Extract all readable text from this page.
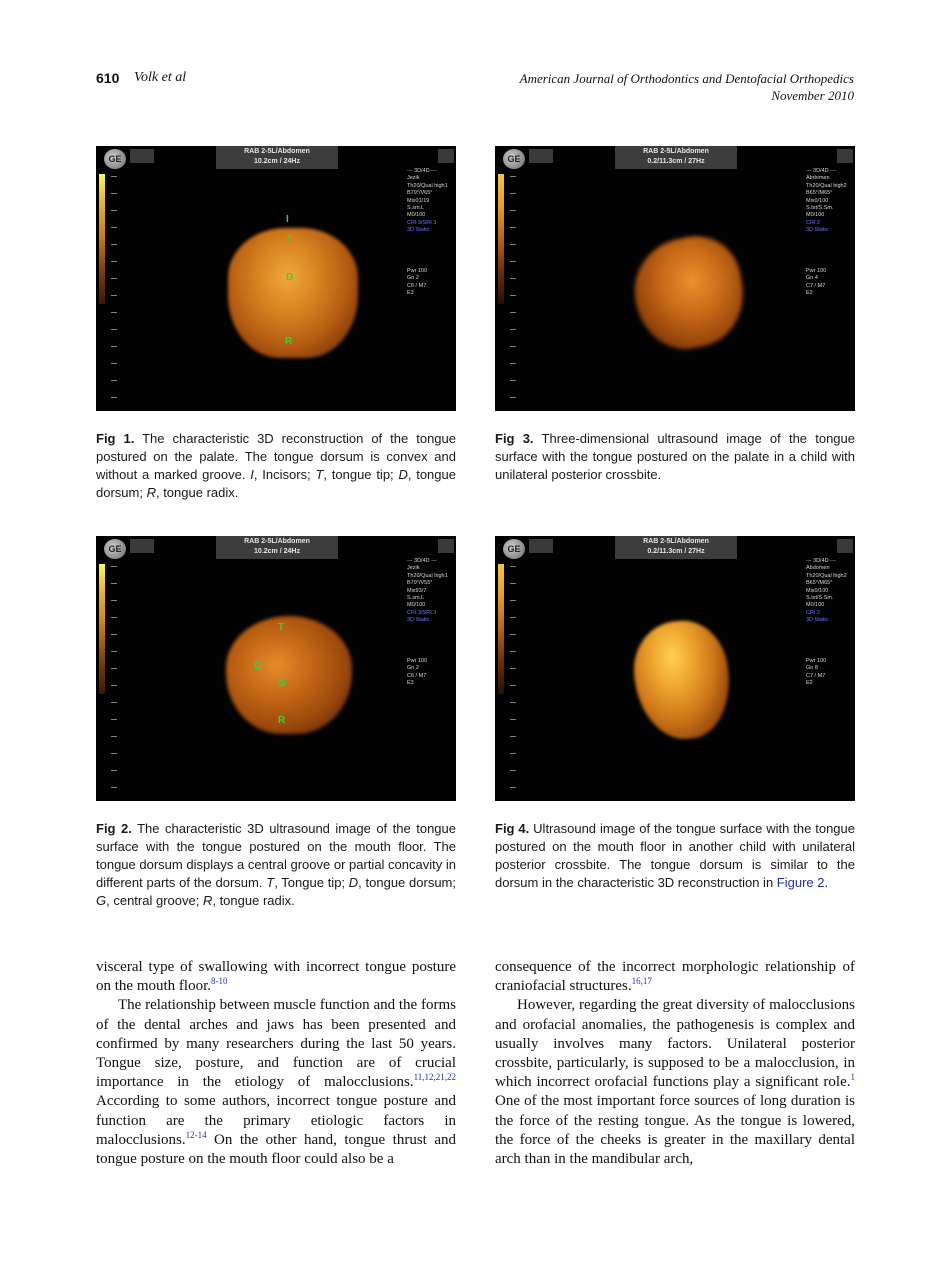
610 Volk et al	American Journal of Orthodontics and Dentofacial Orthopedics
November 2010
GE
RAB 2-5L/Abdomen
10.2cm / 24Hz
--- 3D/4D ---
Jezik
Th20/Qual high1
B79°/V65°
Mix01/19
S.sm.L
M0/100
CRI 3/SRI 3
3D Static
Pwr 100
Gn 2
C6 / M7
E3
I
T
D
R
GE
RAB 2-5L/Abdomen
0.2/11.3cm / 27Hz
--- 3D/4D ---
Abdomen
Th20/Qual high2
B65°/M65°
Mix0/100
S.txt/S.Sm.
M0/100
CRI 2
3D Static
Pwr 100
Gn 4
C7 / M7
E2
GE
RAB 2-5L/Abdomen
10.2cm / 24Hz
--- 3D/4D ---
Jezik
Th20/Qual high1
B79°/V55°
Mix93/7
S.sm.L
M0/100
CRI 3/SRI 3
3D Static
Pwr 100
Gn 2
C6 / M7
E3
T
D
G
R
GE
RAB 2-5L/Abdomen
0.2/11.3cm / 27Hz
--- 3D/4D ---
Abdomen
Th20/Qual high2
B65°/M65°
Mix0/100
S.txt/S.Sm.
M0/100
CRI 2
3D Static
Pwr 100
Gn 8
C7 / M7
E2
Fig 1. The characteristic 3D reconstruction of the tongue postured on the palate. The tongue dorsum is convex and without a marked groove. I, Incisors; T, tongue tip; D, tongue dorsum; R, tongue radix.
Fig 3. Three-dimensional ultrasound image of the tongue surface with the tongue postured on the palate in a child with unilateral posterior crossbite.
Fig 2. The characteristic 3D ultrasound image of the tongue surface with the tongue postured on the mouth floor. The tongue dorsum displays a central groove or partial concavity in different parts of the dorsum. T, Tongue tip; D, tongue dorsum; G, central groove; R, tongue radix.
Fig 4. Ultrasound image of the tongue surface with the tongue postured on the mouth floor in another child with unilateral posterior crossbite. The tongue dorsum is similar to the dorsum in the characteristic 3D reconstruction in Figure 2.

visceral type of swallowing with incorrect tongue posture on the mouth floor.$^{8-10}$

The relationship between muscle function and the forms of the dental arches and jaws has been presented and confirmed by many researchers during the last 50 years. Tongue size, posture, and function are of crucial importance in the etiology of malocclusions.$^{11,12,21,22}$ According to some authors, incorrect tongue posture and function are the primary etiologic factors in malocclusions.$^{12-14}$ On the other hand, tongue thrust and tongue posture on the mouth floor could also be a

consequence of the incorrect morphologic relationship of craniofacial structures.$^{16,17}$

However, regarding the great diversity of malocclusions and orofacial anomalies, the pathogenesis is complex and usually involves many factors. Unilateral posterior crossbite, particularly, is supposed to be a malocclusion, in which incorrect orofacial functions play a significant role.$^1$ One of the most important force sources of long duration is the force of the resting tongue. As the tongue is lowered, the force of the cheeks is greater in the maxillary dental arch than in the mandibular arch,
